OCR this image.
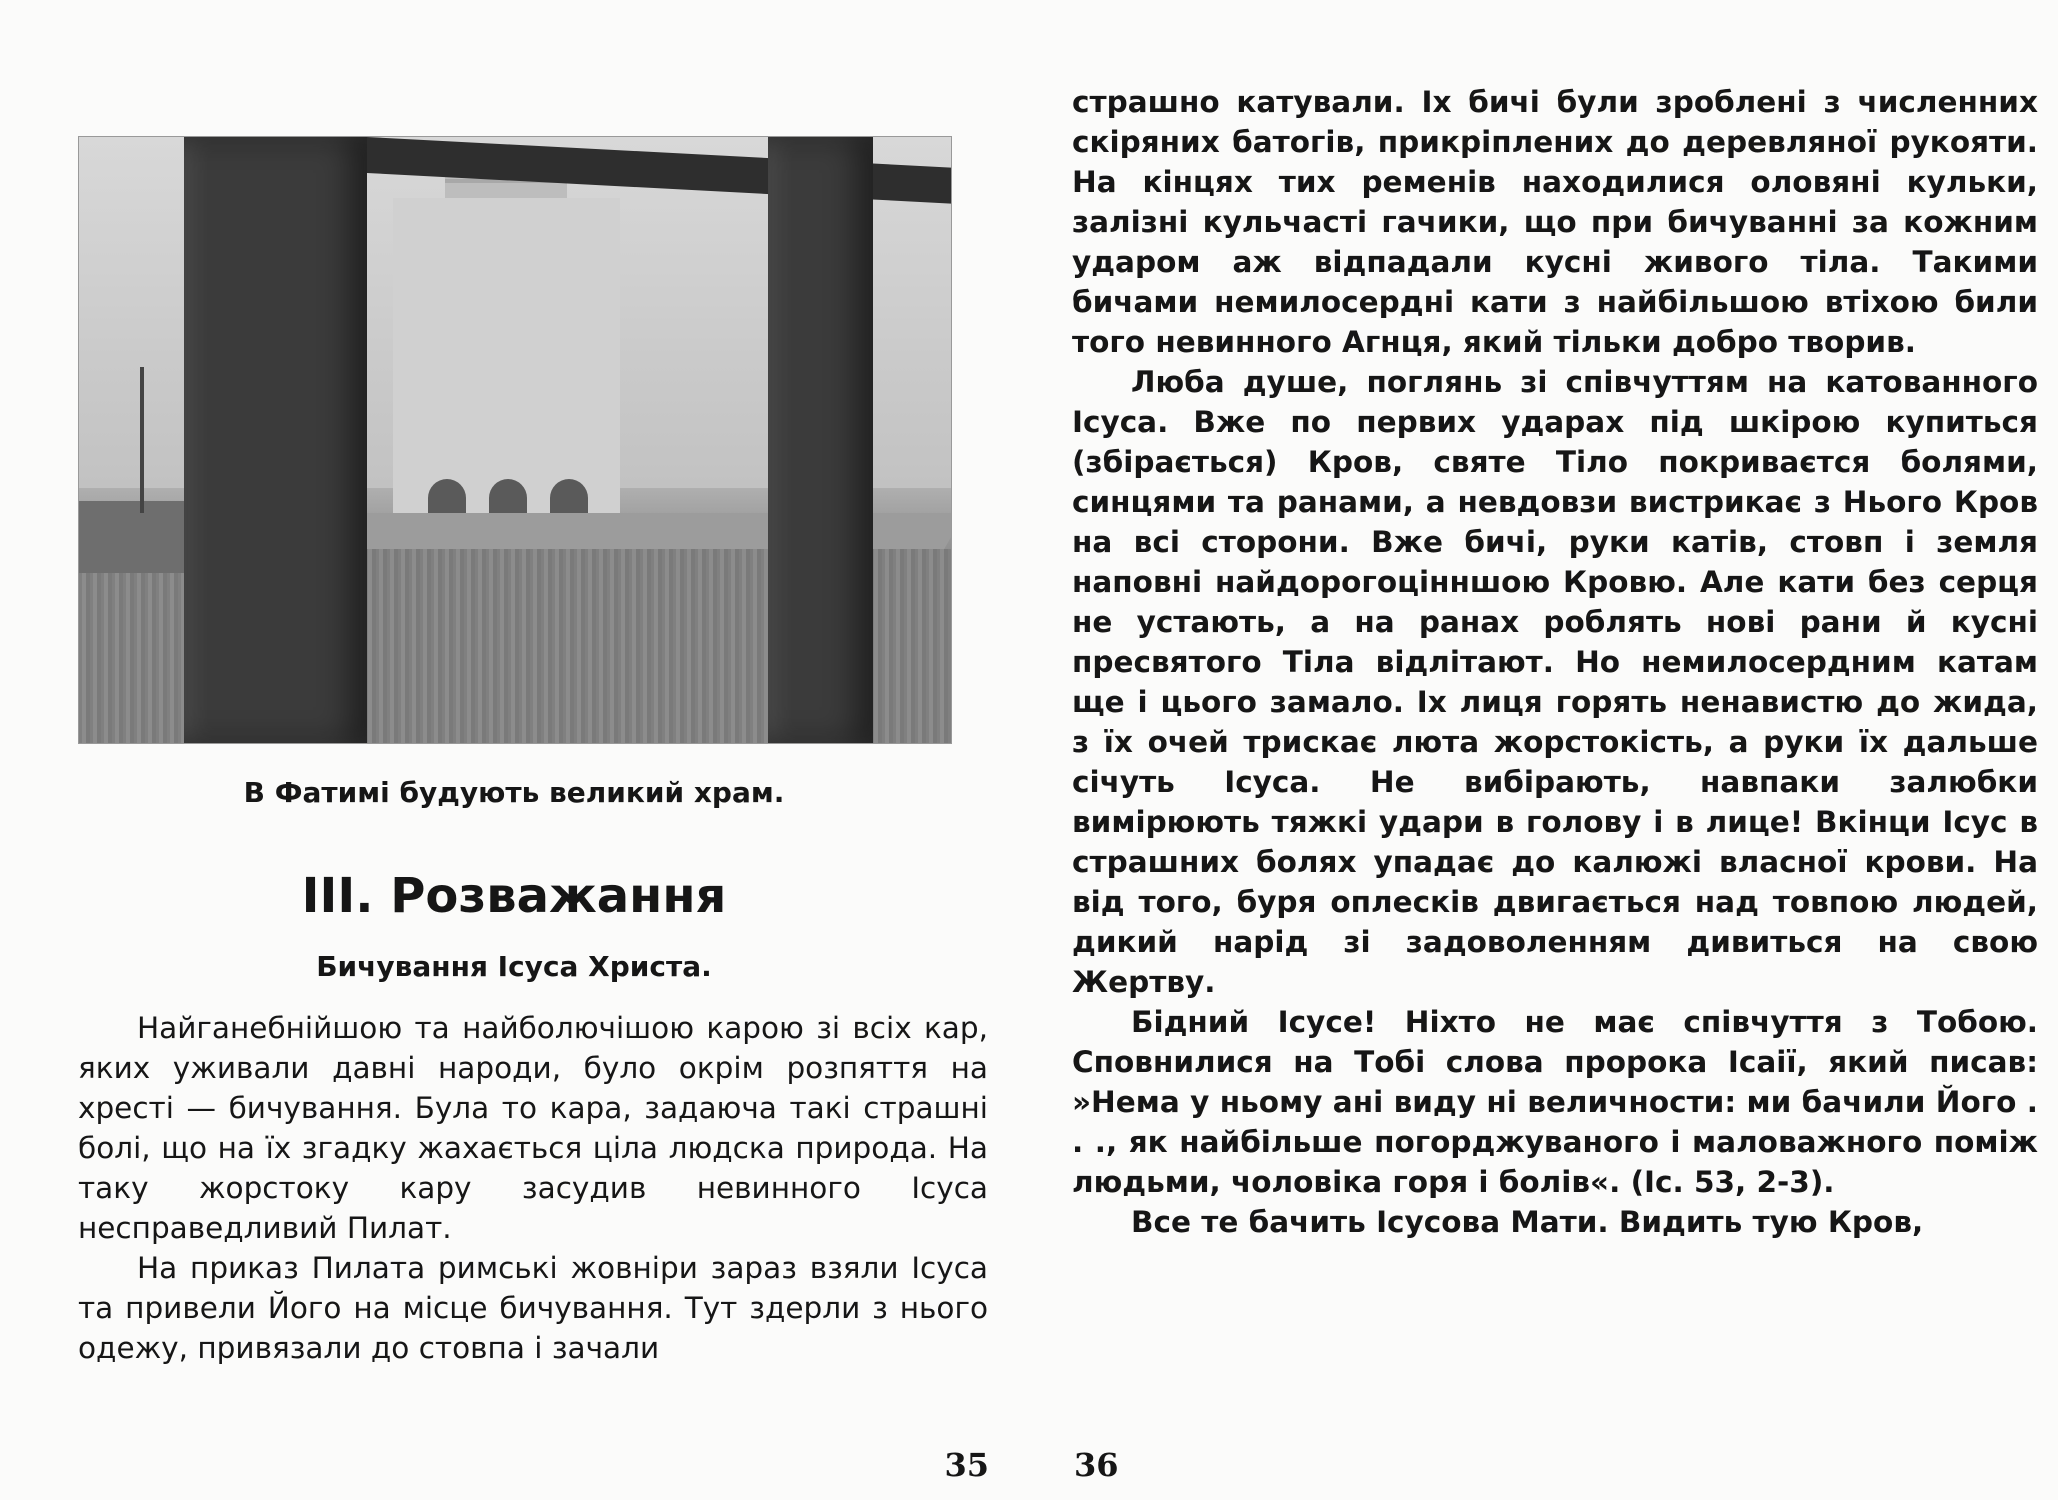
В Фатимі будують великий храм.
ІІІ. Розважання
Бичування Ісуса Христа.

Найганебнійшою та найболючішою карою зі всіх кар, яких уживали давні народи, було окрім розпяття на хресті — бичування. Була то кара, задаюча такі страшні болі, що на їх згадку жахається ціла людска природа. На таку жорстоку кару засудив невинного Ісуса несправедливий Пилат.

На приказ Пилата римські жовніри зараз взяли Ісуса та привели Його на місце бичування. Тут здерли з нього одежу, привязали до стовпа і зачали

35

страшно катували. Іх бичі були зроблені з численних скіряних батогів, прикріплених до деревляної рукояти. На кінцях тих ременів находилися оловяні кульки, залізні кульчасті гачики, що при бичуванні за кожним ударом аж відпадали кусні живого тіла. Такими бичами немилосердні кати з найбільшою втіхою били того невинного Агнця, який тільки добро творив.

Люба душе, поглянь зі співчуттям на катованного Ісуса. Вже по первих ударах під шкірою купиться (збірається) Кров, святе Тіло покриваєтся болями, синцями та ранами, а невдовзи вистрикає з Нього Кров на всі сторони. Вже бичі, руки катів, стовп і земля наповні найдорогоцінншою Кровю. Але кати без серця не устають, а на ранах роблять нові рани й кусні пресвятого Тіла відлітают. Но немилосердним катам ще і цього замало. Іх лиця горять ненавистю до жида, з їх очей трискає люта жорстокість, а руки їх дальше січуть Ісуса. Не вибірають, навпаки залюбки вимірюють тяжкі удари в голову і в лице! Вкінци Ісус в страшних болях упадає до калюжі власної крови. На від того, буря оплесків двигається над товпою людей, дикий нарід зі задоволенням дивиться на свою Жертву.

Бідний Ісусе! Ніхто не має співчуття з Тобою. Сповнилися на Тобі слова пророка Ісаії, який писав: »Нема у ньому ані виду ні величности: ми бачили Його . . ., як найбільше погорджуваного і маловажного поміж людьми, чоловіка горя і болів«. (Іс. 53, 2-3).

Все те бачить Ісусова Мати. Видить тую Кров,

36
